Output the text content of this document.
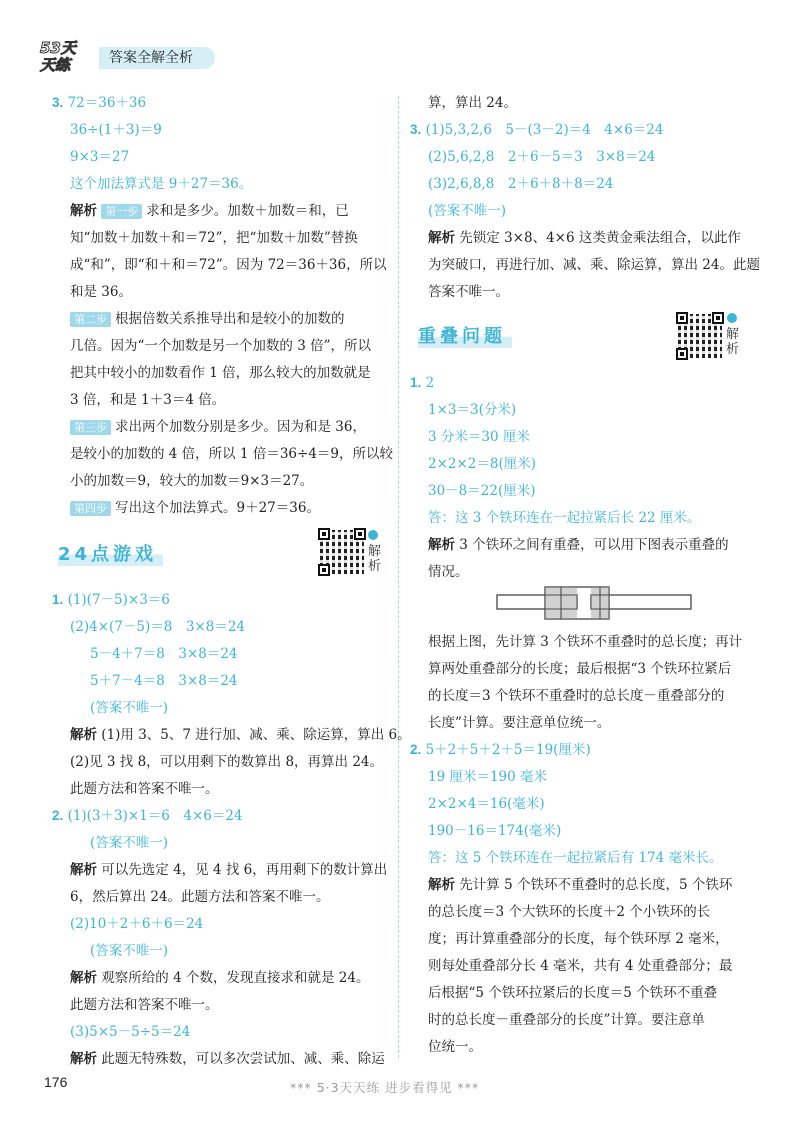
53天天练	答案全解全析
3. 72＝36＋36
36÷(1＋3)＝9
9×3＝27
这个加法算式是 9＋27＝36。
解析 第一步 求和是多少。加数＋加数＝和，已
知“加数＋加数＋和＝72”，把“加数＋加数”替换
成“和”，即“和＋和＝72”。因为 72＝36＋36，所以
和是 36。
第二步 根据倍数关系推导出和是较小的加数的
几倍。因为“一个加数是另一个加数的 3 倍”，所以
把其中较小的加数看作 1 倍，那么较大的加数就是
3 倍，和是 1＋3＝4 倍。
第三步 求出两个加数分别是多少。因为和是 36，
是较小的加数的 4 倍，所以 1 倍＝36÷4＝9，所以较
小的加数＝9，较大的加数＝9×3＝27。
第四步 写出这个加法算式。9＋27＝36。
24点游戏	解析
1. (1)(7－5)×3＝6
(2)4×(7－5)＝8　3×8＝24
5－4＋7＝8　3×8＝24
5＋7－4＝8　3×8＝24
(答案不唯一)
解析 (1)用 3、5、7 进行加、减、乘、除运算，算出 6。
(2)见 3 找 8，可以用剩下的数算出 8，再算出 24。
此题方法和答案不唯一。
2. (1)(3＋3)×1＝6　4×6＝24
(答案不唯一)
解析 可以先选定 4，见 4 找 6，再用剩下的数计算出
6，然后算出 24。此题方法和答案不唯一。
(2)10＋2＋6＋6＝24
(答案不唯一)
解析 观察所给的 4 个数，发现直接求和就是 24。
此题方法和答案不唯一。
(3)5×5－5÷5＝24
解析 此题无特殊数，可以多次尝试加、减、乘、除运
算，算出 24。
3. (1)5,3,2,6　5－(3－2)＝4　4×6＝24
(2)5,6,2,8　2＋6－5＝3　3×8＝24
(3)2,6,8,8　2＋6＋8＋8＝24
(答案不唯一)
解析 先锁定 3×8、4×6 这类黄金乘法组合，以此作
为突破口，再进行加、减、乘、除运算，算出 24。此题
答案不唯一。
重叠问题	解析
1. 2
1×3＝3(分米)
3 分米＝30 厘米
2×2×2＝8(厘米)
30－8＝22(厘米)
答：这 3 个铁环连在一起拉紧后长 22 厘米。
解析 3 个铁环之间有重叠，可以用下图表示重叠的
情况。
根据上图，先计算 3 个铁环不重叠时的总长度；再计
算两处重叠部分的长度；最后根据“3 个铁环拉紧后
的长度＝3 个铁环不重叠时的总长度－重叠部分的
长度”计算。要注意单位统一。
2. 5＋2＋5＋2＋5＝19(厘米)
19 厘米＝190 毫米
2×2×4＝16(毫米)
190－16＝174(毫米)
答：这 5 个铁环连在一起拉紧后有 174 毫米长。
解析 先计算 5 个铁环不重叠时的总长度，5 个铁环
的总长度＝3 个大铁环的长度＋2 个小铁环的长
度；再计算重叠部分的长度，每个铁环厚 2 毫米，
则每处重叠部分长 4 毫米，共有 4 处重叠部分；最
后根据“5 个铁环拉紧后的长度＝5 个铁环不重叠
时的总长度－重叠部分的长度”计算。要注意单
位统一。
176	*** 5·3天天练 进步看得见 ***
